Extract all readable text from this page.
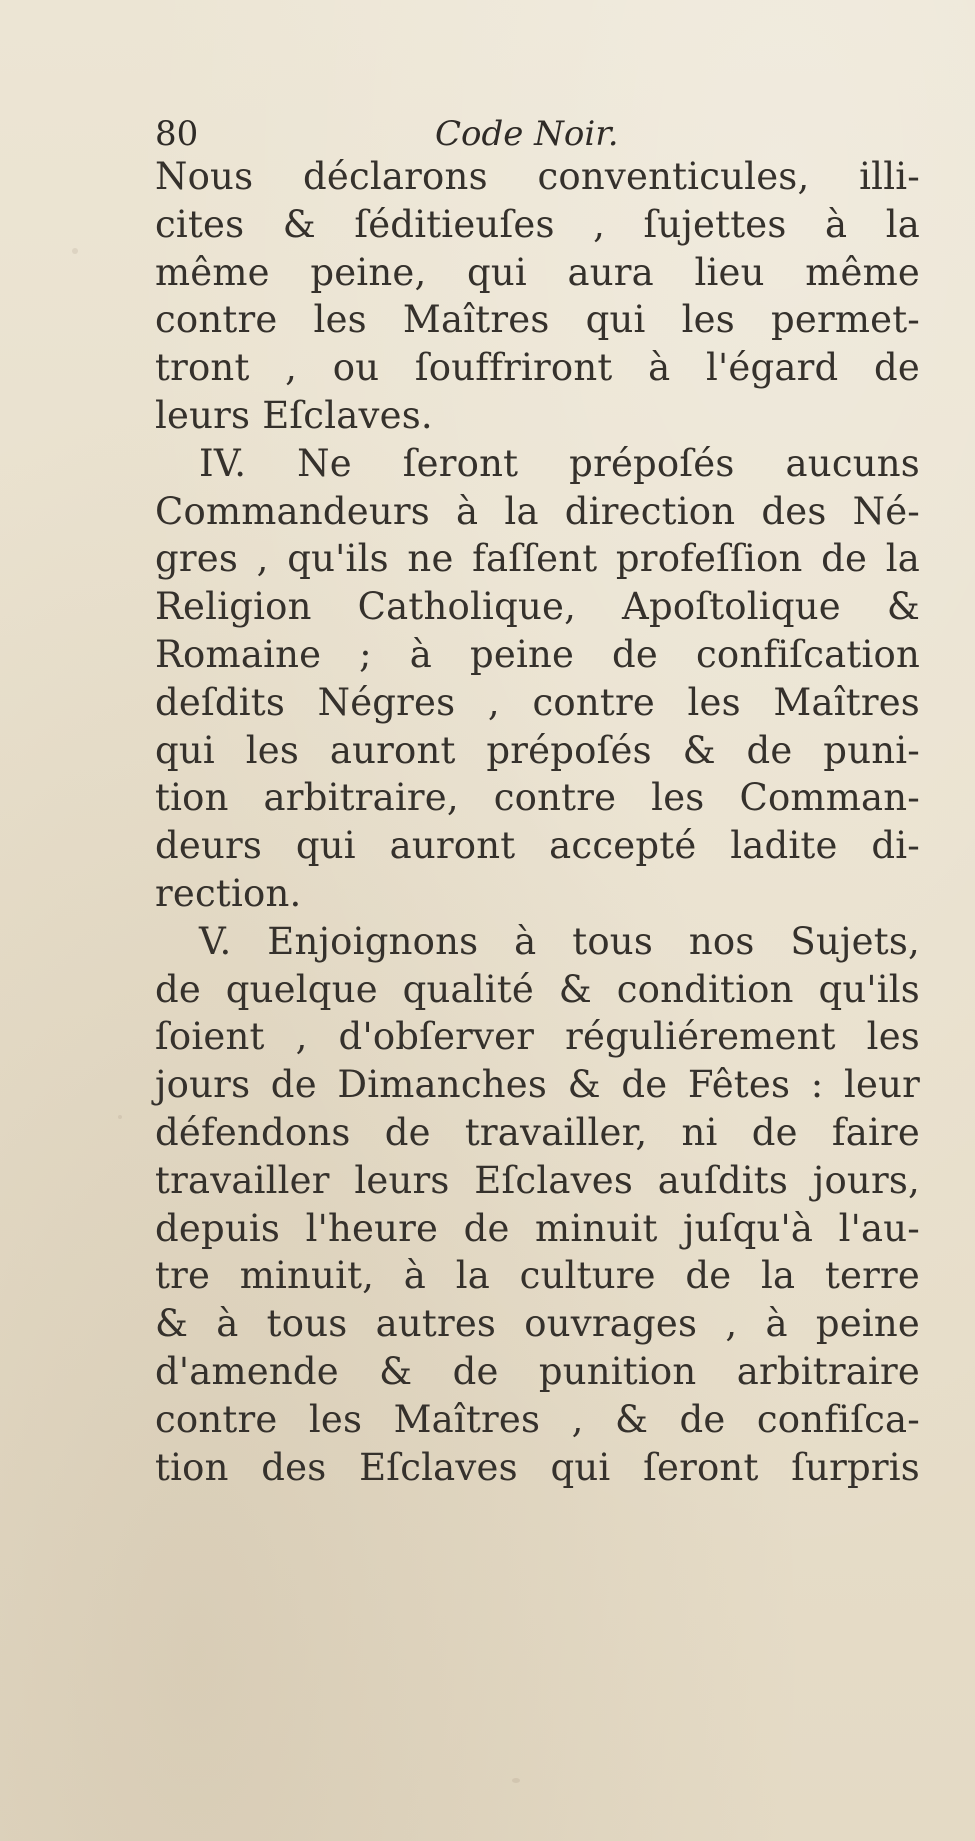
80	Code Noir.
Nous déclarons conventicules, illi-
cites & ſéditieuſes , ſujettes à la
même peine, qui aura lieu même
contre les Maîtres qui les permet-
tront , ou ſouffriront à l'égard de
leurs Eſclaves.
IV. Ne ſeront prépoſés aucuns
Commandeurs à la direction des Né-
gres , qu'ils ne faſſent profeſſion de la
Religion Catholique, Apoſtolique &
Romaine ; à peine de confiſcation
deſdits Négres , contre les Maîtres
qui les auront prépoſés & de puni-
tion arbitraire, contre les Comman-
deurs qui auront accepté ladite di-
rection.
V. Enjoignons à tous nos Sujets,
de quelque qualité & condition qu'ils
ſoient , d'obſerver réguliérement les
jours de Dimanches & de Fêtes : leur
défendons de travailler, ni de faire
travailler leurs Eſclaves auſdits jours,
depuis l'heure de minuit juſqu'à l'au-
tre minuit, à la culture de la terre
& à tous autres ouvrages , à peine
d'amende & de punition arbitraire
contre les Maîtres , & de confiſca-
tion des Eſclaves qui ſeront ſurpris
